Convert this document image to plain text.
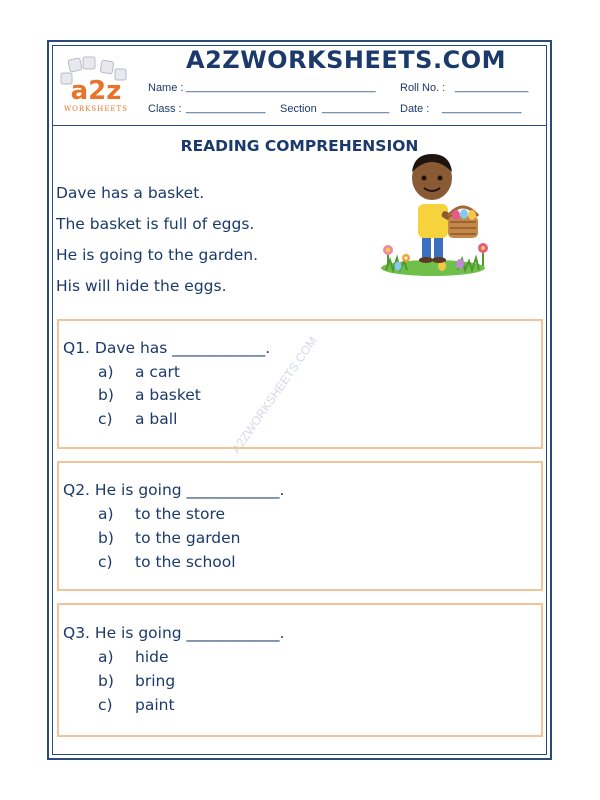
a2z
WORKSHEETS
A2ZWORKSHEETS.COM
Name : _______________________________ Roll No. : ____________
Class : _____________ Section ___________ Date : _____________
READING COMPREHENSION
Dave has a basket.
The basket is full of eggs.
He is going to the garden.
His will hide the eggs.
A2ZWORKSHEETS.COM
Q1. Dave has ____________.
a) a cart
b) a basket
c) a ball
Q2. He is going ____________.
a) to the store
b) to the garden
c) to the school
Q3. He is going ____________.
a) hide
b) bring
c) paint
